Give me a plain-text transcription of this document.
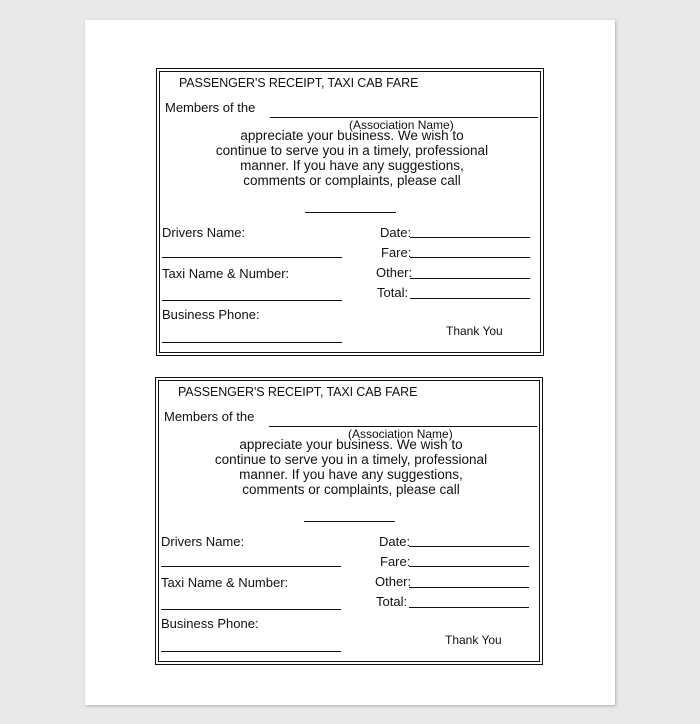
PASSENGER'S RECEIPT, TAXI CAB FARE
Members of the
(Association Name)
appreciate your business. We wish to
continue to serve you in a timely, professional
manner. If you have any suggestions,
comments or complaints, please call
Drivers Name:
Taxi Name & Number:
Business Phone:
Date:
Fare:
Other:
Total:
Thank You
PASSENGER'S RECEIPT, TAXI CAB FARE
Members of the
(Association Name)
appreciate your business. We wish to
continue to serve you in a timely, professional
manner. If you have any suggestions,
comments or complaints, please call
Drivers Name:
Taxi Name & Number:
Business Phone:
Date:
Fare:
Other:
Total:
Thank You
